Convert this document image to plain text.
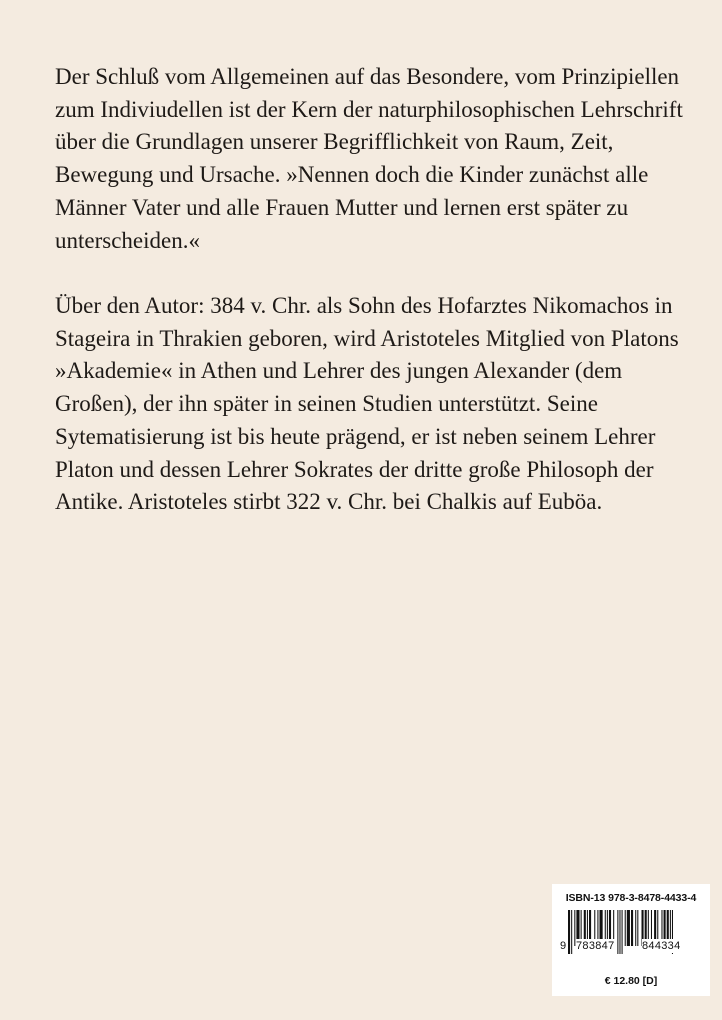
Der Schluß vom Allgemeinen auf das Besondere, vom Prinzipiellen zum Indiviudellen ist der Kern der naturphilosophischen Lehrschrift über die Grundlagen unserer Begrifflichkeit von Raum, Zeit, Bewegung und Ursache. »Nennen doch die Kinder zunächst alle Männer Vater und alle Frauen Mutter und lernen erst später zu unterscheiden.«

Über den Autor: 384 v. Chr. als Sohn des Hofarztes Nikomachos in Stageira in Thrakien geboren, wird Aristoteles Mitglied von Platons »Akademie« in Athen und Lehrer des jungen Alexander (dem Großen), der ihn später in seinen Studien unterstützt. Seine Sytematisierung ist bis heute prägend, er ist neben seinem Lehrer Platon und dessen Lehrer Sokrates der dritte große Philosoph der Antike. Aristoteles stirbt 322 v. Chr. bei Chalkis auf Euböa.

ISBN-13 978-3-8478-4433-4
9 783847 844334
€ 12.80 [D]
